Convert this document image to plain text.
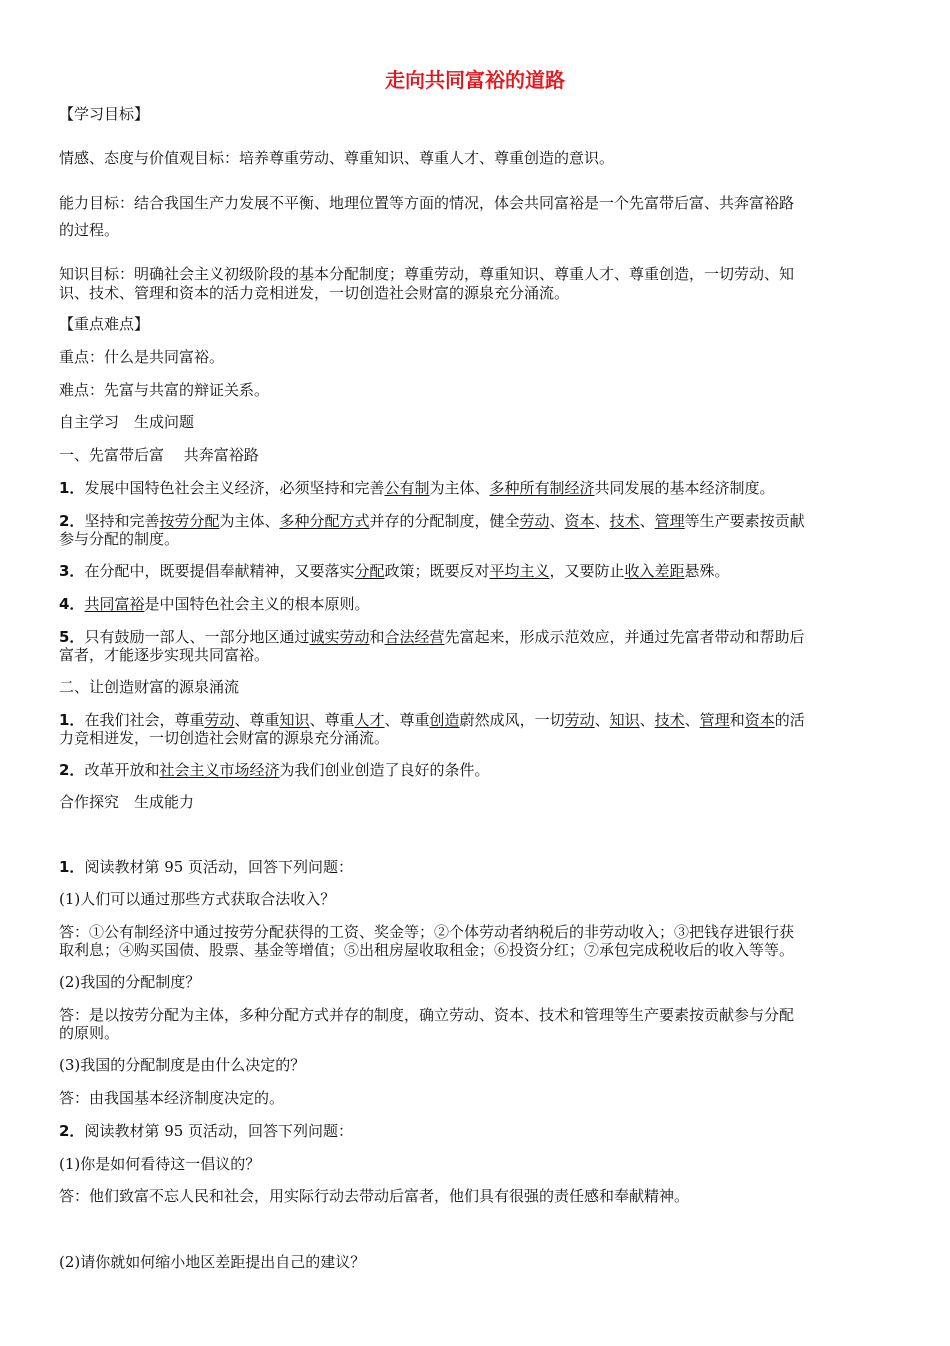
走向共同富裕的道路
【学习目标】
情感、态度与价值观目标：培养尊重劳动、尊重知识、尊重人才、尊重创造的意识。
能力目标：结合我国生产力发展不平衡、地理位置等方面的情况，体会共同富裕是一个先富带后富、共奔富裕路
的过程。
知识目标：明确社会主义初级阶段的基本分配制度；尊重劳动，尊重知识、尊重人才、尊重创造，一切劳动、知
识、技术、管理和资本的活力竞相迸发，一切创造社会财富的源泉充分涌流。
【重点难点】
重点：什么是共同富裕。
难点：先富与共富的辩证关系。
自主学习　生成问题
一、先富带后富　 共奔富裕路
1．发展中国特色社会主义经济，必须坚持和完善公有制为主体、多种所有制经济共同发展的基本经济制度。
2．坚持和完善按劳分配为主体、多种分配方式并存的分配制度，健全劳动、资本、技术、管理等生产要素按贡献
参与分配的制度。
3．在分配中，既要提倡奉献精神，又要落实分配政策；既要反对平均主义，又要防止收入差距悬殊。
4．共同富裕是中国特色社会主义的根本原则。
5．只有鼓励一部人、一部分地区通过诚实劳动和合法经营先富起来，形成示范效应，并通过先富者带动和帮助后
富者，才能逐步实现共同富裕。
二、让创造财富的源泉涌流
1．在我们社会，尊重劳动、尊重知识、尊重人才、尊重创造蔚然成风，一切劳动、知识、技术、管理和资本的活
力竞相迸发，一切创造社会财富的源泉充分涌流。
2．改革开放和社会主义市场经济为我们创业创造了良好的条件。
合作探究　生成能力
1．阅读教材第 95 页活动，回答下列问题：
(1)人们可以通过那些方式获取合法收入？
答：①公有制经济中通过按劳分配获得的工资、奖金等；②个体劳动者纳税后的非劳动收入；③把钱存进银行获
取利息；④购买国债、股票、基金等增值；⑤出租房屋收取租金；⑥投资分红；⑦承包完成税收后的收入等等。
(2)我国的分配制度？
答：是以按劳分配为主体，多种分配方式并存的制度，确立劳动、资本、技术和管理等生产要素按贡献参与分配
的原则。
(3)我国的分配制度是由什么决定的？
答：由我国基本经济制度决定的。
2．阅读教材第 95 页活动，回答下列问题：
(1)你是如何看待这一倡议的？
答：他们致富不忘人民和社会，用实际行动去带动后富者，他们具有很强的责任感和奉献精神。
(2)请你就如何缩小地区差距提出自己的建议？
